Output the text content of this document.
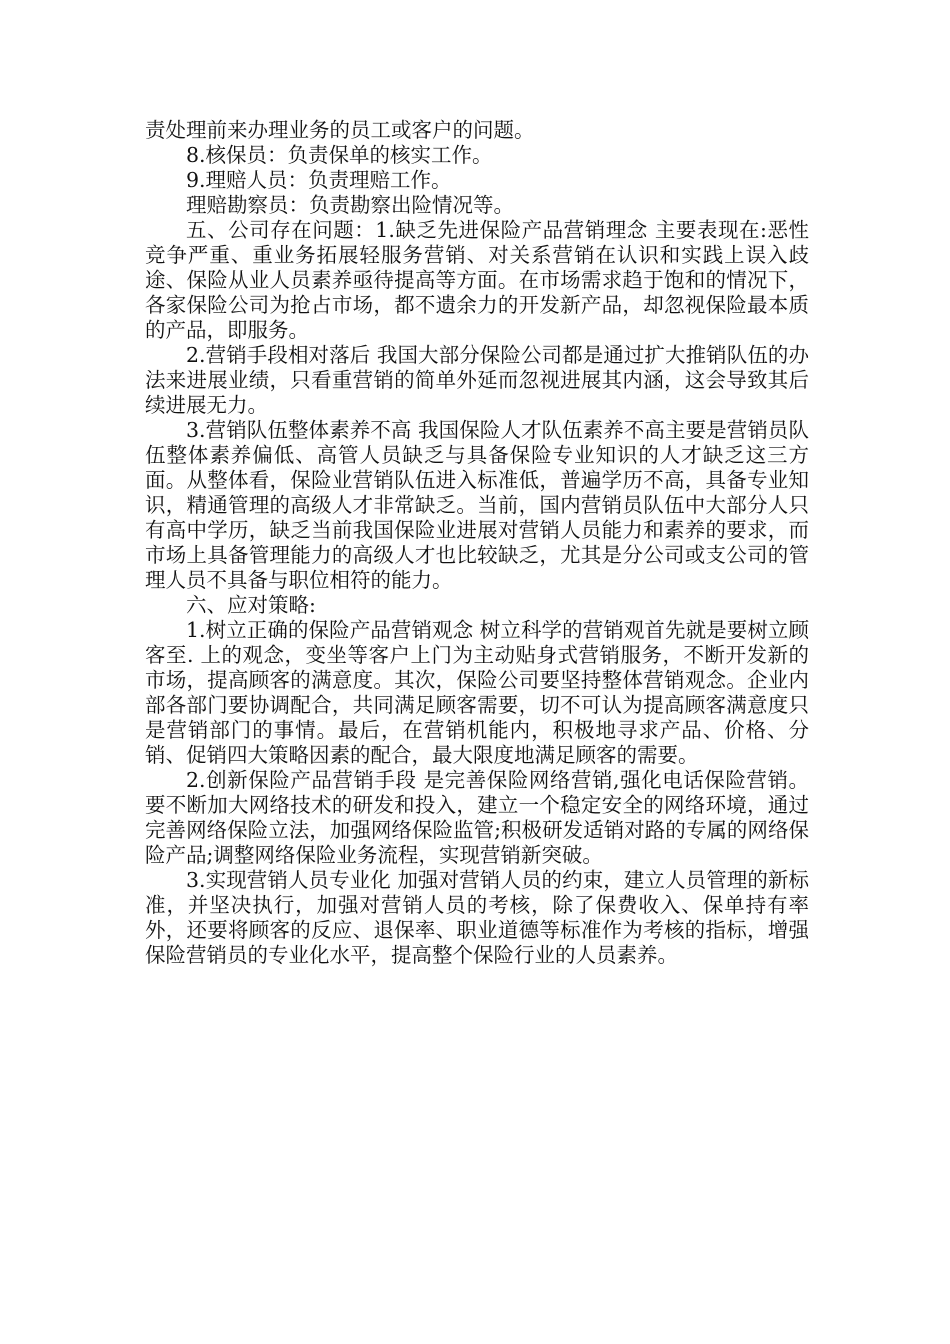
责处理前来办理业务的员工或客户的问题。

8.核保员：负责保单的核实工作。

9.理赔人员：负责理赔工作。

理赔勘察员：负责勘察出险情况等。

五、公司存在问题：1.缺乏先进保险产品营销理念 主要表现在:恶性竞争严重、重业务拓展轻服务营销、对关系营销在认识和实践上误入歧途、保险从业人员素养亟待提高等方面。在市场需求趋于饱和的情况下，各家保险公司为抢占市场，都不遗余力的开发新产品，却忽视保险最本质的产品，即服务。

2.营销手段相对落后 我国大部分保险公司都是通过扩大推销队伍的办法来进展业绩，只看重营销的简单外延而忽视进展其内涵，这会导致其后续进展无力。

3.营销队伍整体素养不高 我国保险人才队伍素养不高主要是营销员队伍整体素养偏低、高管人员缺乏与具备保险专业知识的人才缺乏这三方面。从整体看，保险业营销队伍进入标准低，普遍学历不高，具备专业知识，精通管理的高级人才非常缺乏。当前，国内营销员队伍中大部分人只有高中学历，缺乏当前我国保险业进展对营销人员能力和素养的要求，而市场上具备管理能力的高级人才也比较缺乏，尤其是分公司或支公司的管理人员不具备与职位相符的能力。

六、应对策略:

1.树立正确的保险产品营销观念 树立科学的营销观首先就是要树立顾客至. 上的观念，变坐等客户上门为主动贴身式营销服务，不断开发新的市场，提高顾客的满意度。其次，保险公司要坚持整体营销观念。企业内部各部门要协调配合，共同满足顾客需要，切不可认为提高顾客满意度只是营销部门的事情。最后，在营销机能内，积极地寻求产品、价格、分销、促销四大策略因素的配合，最大限度地满足顾客的需要。

2.创新保险产品营销手段 是完善保险网络营销,强化电话保险营销。要不断加大网络技术的研发和投入，建立一个稳定安全的网络环境，通过完善网络保险立法，加强网络保险监管;积极研发适销对路的专属的网络保险产品;调整网络保险业务流程，实现营销新突破。

3.实现营销人员专业化 加强对营销人员的约束，建立人员管理的新标准，并坚决执行，加强对营销人员的考核，除了保费收入、保单持有率外，还要将顾客的反应、退保率、职业道德等标准作为考核的指标，增强保险营销员的专业化水平，提高整个保险行业的人员素养。
